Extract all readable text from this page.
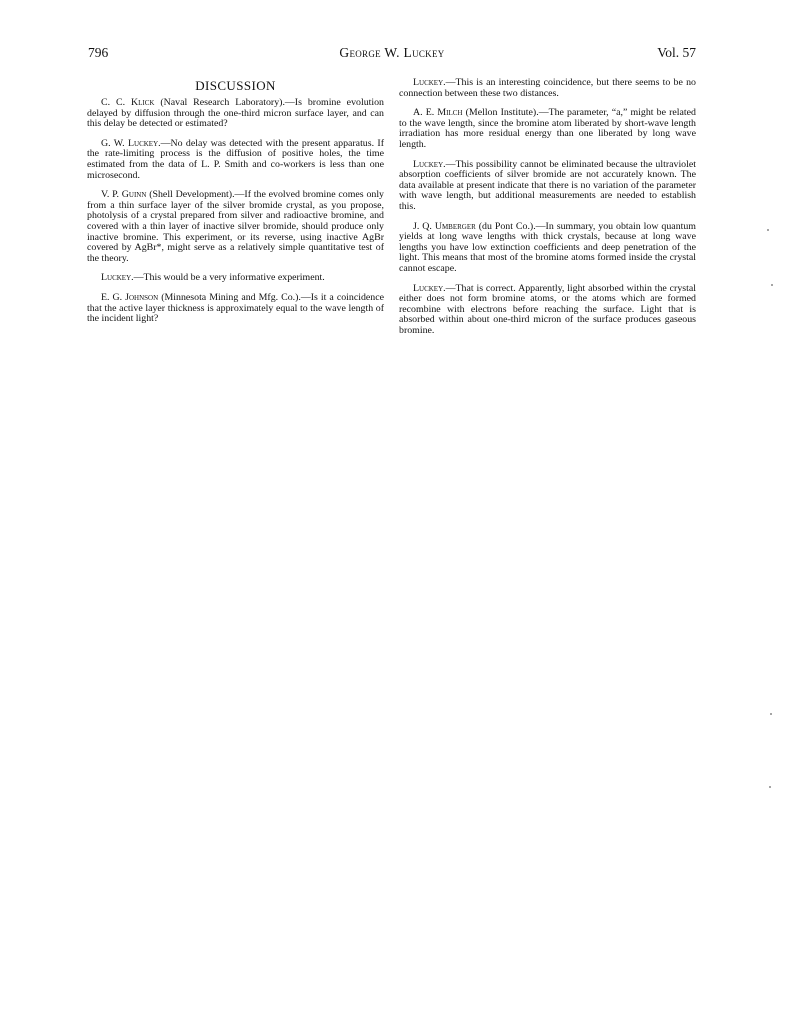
796	George W. Luckey	Vol. 57
DISCUSSION

C. C. Klick (Naval Research Laboratory).—Is bromine evolution delayed by diffusion through the one-third micron surface layer, and can this delay be detected or estimated?

G. W. Luckey.—No delay was detected with the present apparatus. If the rate-limiting process is the diffusion of positive holes, the time estimated from the data of L. P. Smith and co-workers is less than one microsecond.

V. P. Guinn (Shell Development).—If the evolved bromine comes only from a thin surface layer of the silver bromide crystal, as you propose, photolysis of a crystal prepared from silver and radioactive bromine, and covered with a thin layer of inactive silver bromide, should produce only inactive bromine. This experiment, or its reverse, using inactive AgBr covered by AgBr*, might serve as a relatively simple quantitative test of the theory.

Luckey.—This would be a very informative experiment.

E. G. Johnson (Minnesota Mining and Mfg. Co.).—Is it a coincidence that the active layer thickness is approximately equal to the wave length of the incident light?

Luckey.—This is an interesting coincidence, but there seems to be no connection between these two distances.

A. E. Milch (Mellon Institute).—The parameter, “a,” might be related to the wave length, since the bromine atom liberated by short-wave length irradiation has more residual energy than one liberated by long wave length.

Luckey.—This possibility cannot be eliminated because the ultraviolet absorption coefficients of silver bromide are not accurately known. The data available at present indicate that there is no variation of the parameter with wave length, but additional measurements are needed to establish this.

J. Q. Umberger (du Pont Co.).—In summary, you obtain low quantum yields at long wave lengths with thick crystals, because at long wave lengths you have low extinction coefficients and deep penetration of the light. This means that most of the bromine atoms formed inside the crystal cannot escape.

Luckey.—That is correct. Apparently, light absorbed within the crystal either does not form bromine atoms, or the atoms which are formed recombine with electrons before reaching the surface. Light that is absorbed within about one-third micron of the surface produces gaseous bromine.
